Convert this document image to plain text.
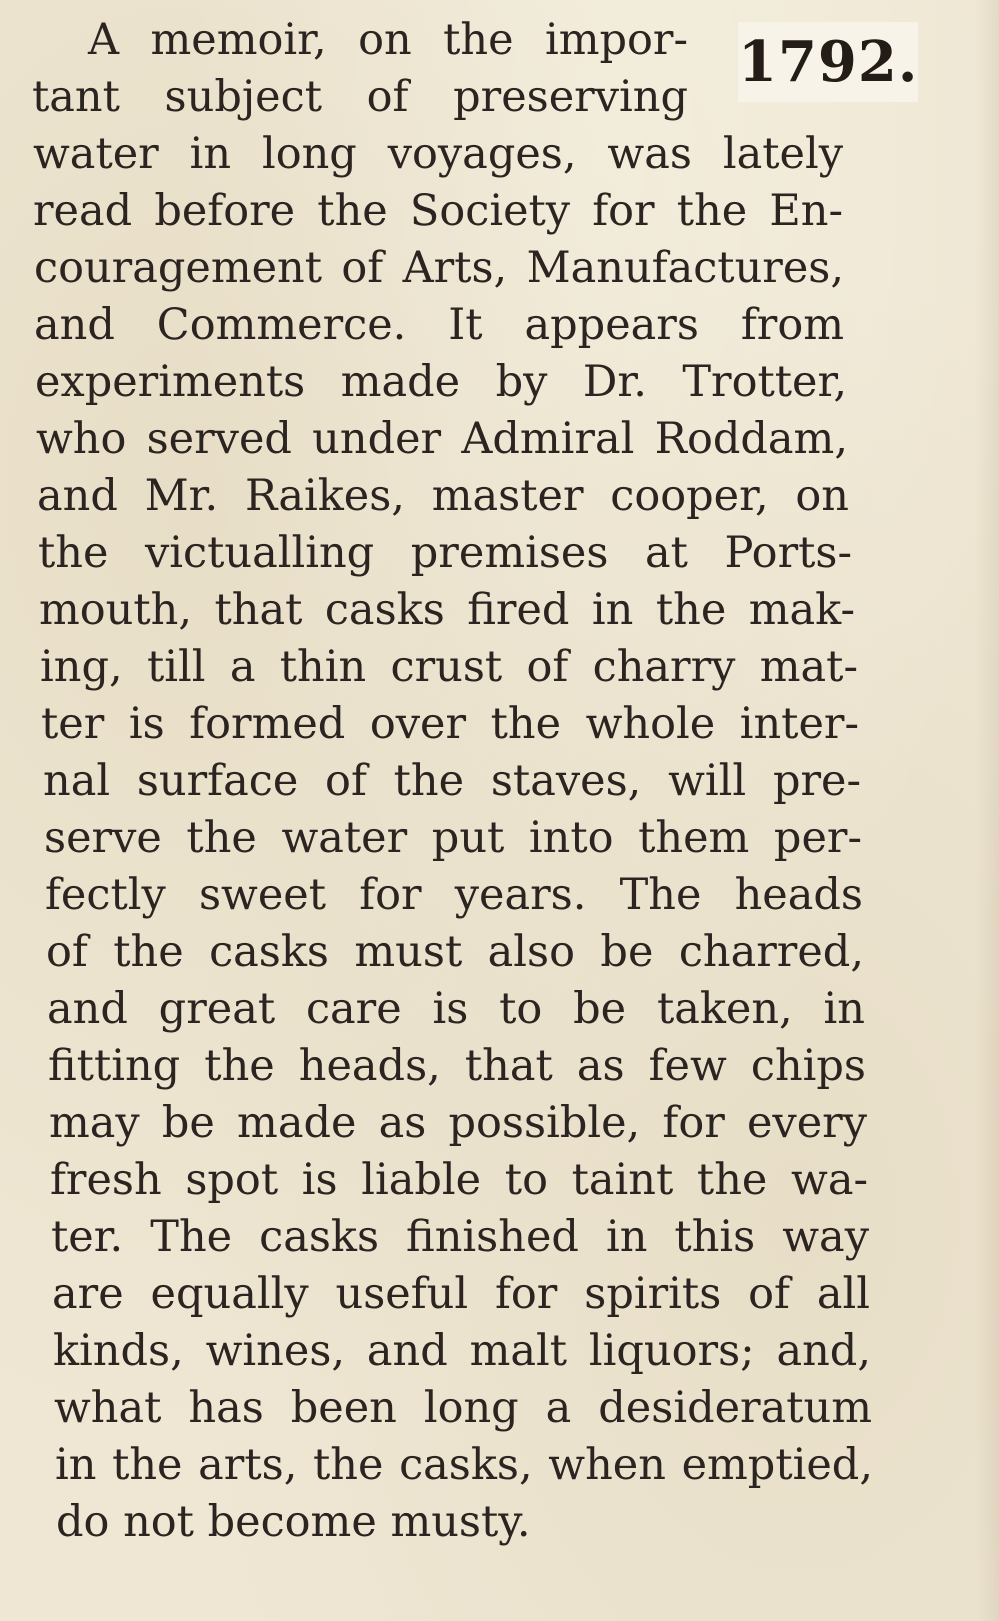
A memoir, on the impor-
tant subject of preserving
water in long voyages, was lately
read before the Society for the En-
couragement of Arts, Manufactures,
and Commerce. It appears from
experiments made by Dr. Trotter,
who served under Admiral Roddam,
and Mr. Raikes, master cooper, on
the victualling premises at Ports-
mouth, that casks fired in the mak-
ing, till a thin crust of charry mat-
ter is formed over the whole inter-
nal surface of the staves, will pre-
serve the water put into them per-
fectly sweet for years. The heads
of the casks must also be charred,
and great care is to be taken, in
fitting the heads, that as few chips
may be made as possible, for every
fresh spot is liable to taint the wa-
ter. The casks finished in this way
are equally useful for spirits of all
kinds, wines, and malt liquors; and,
what has been long a desideratum
in the arts, the casks, when emptied,
do not become musty.
1792.
